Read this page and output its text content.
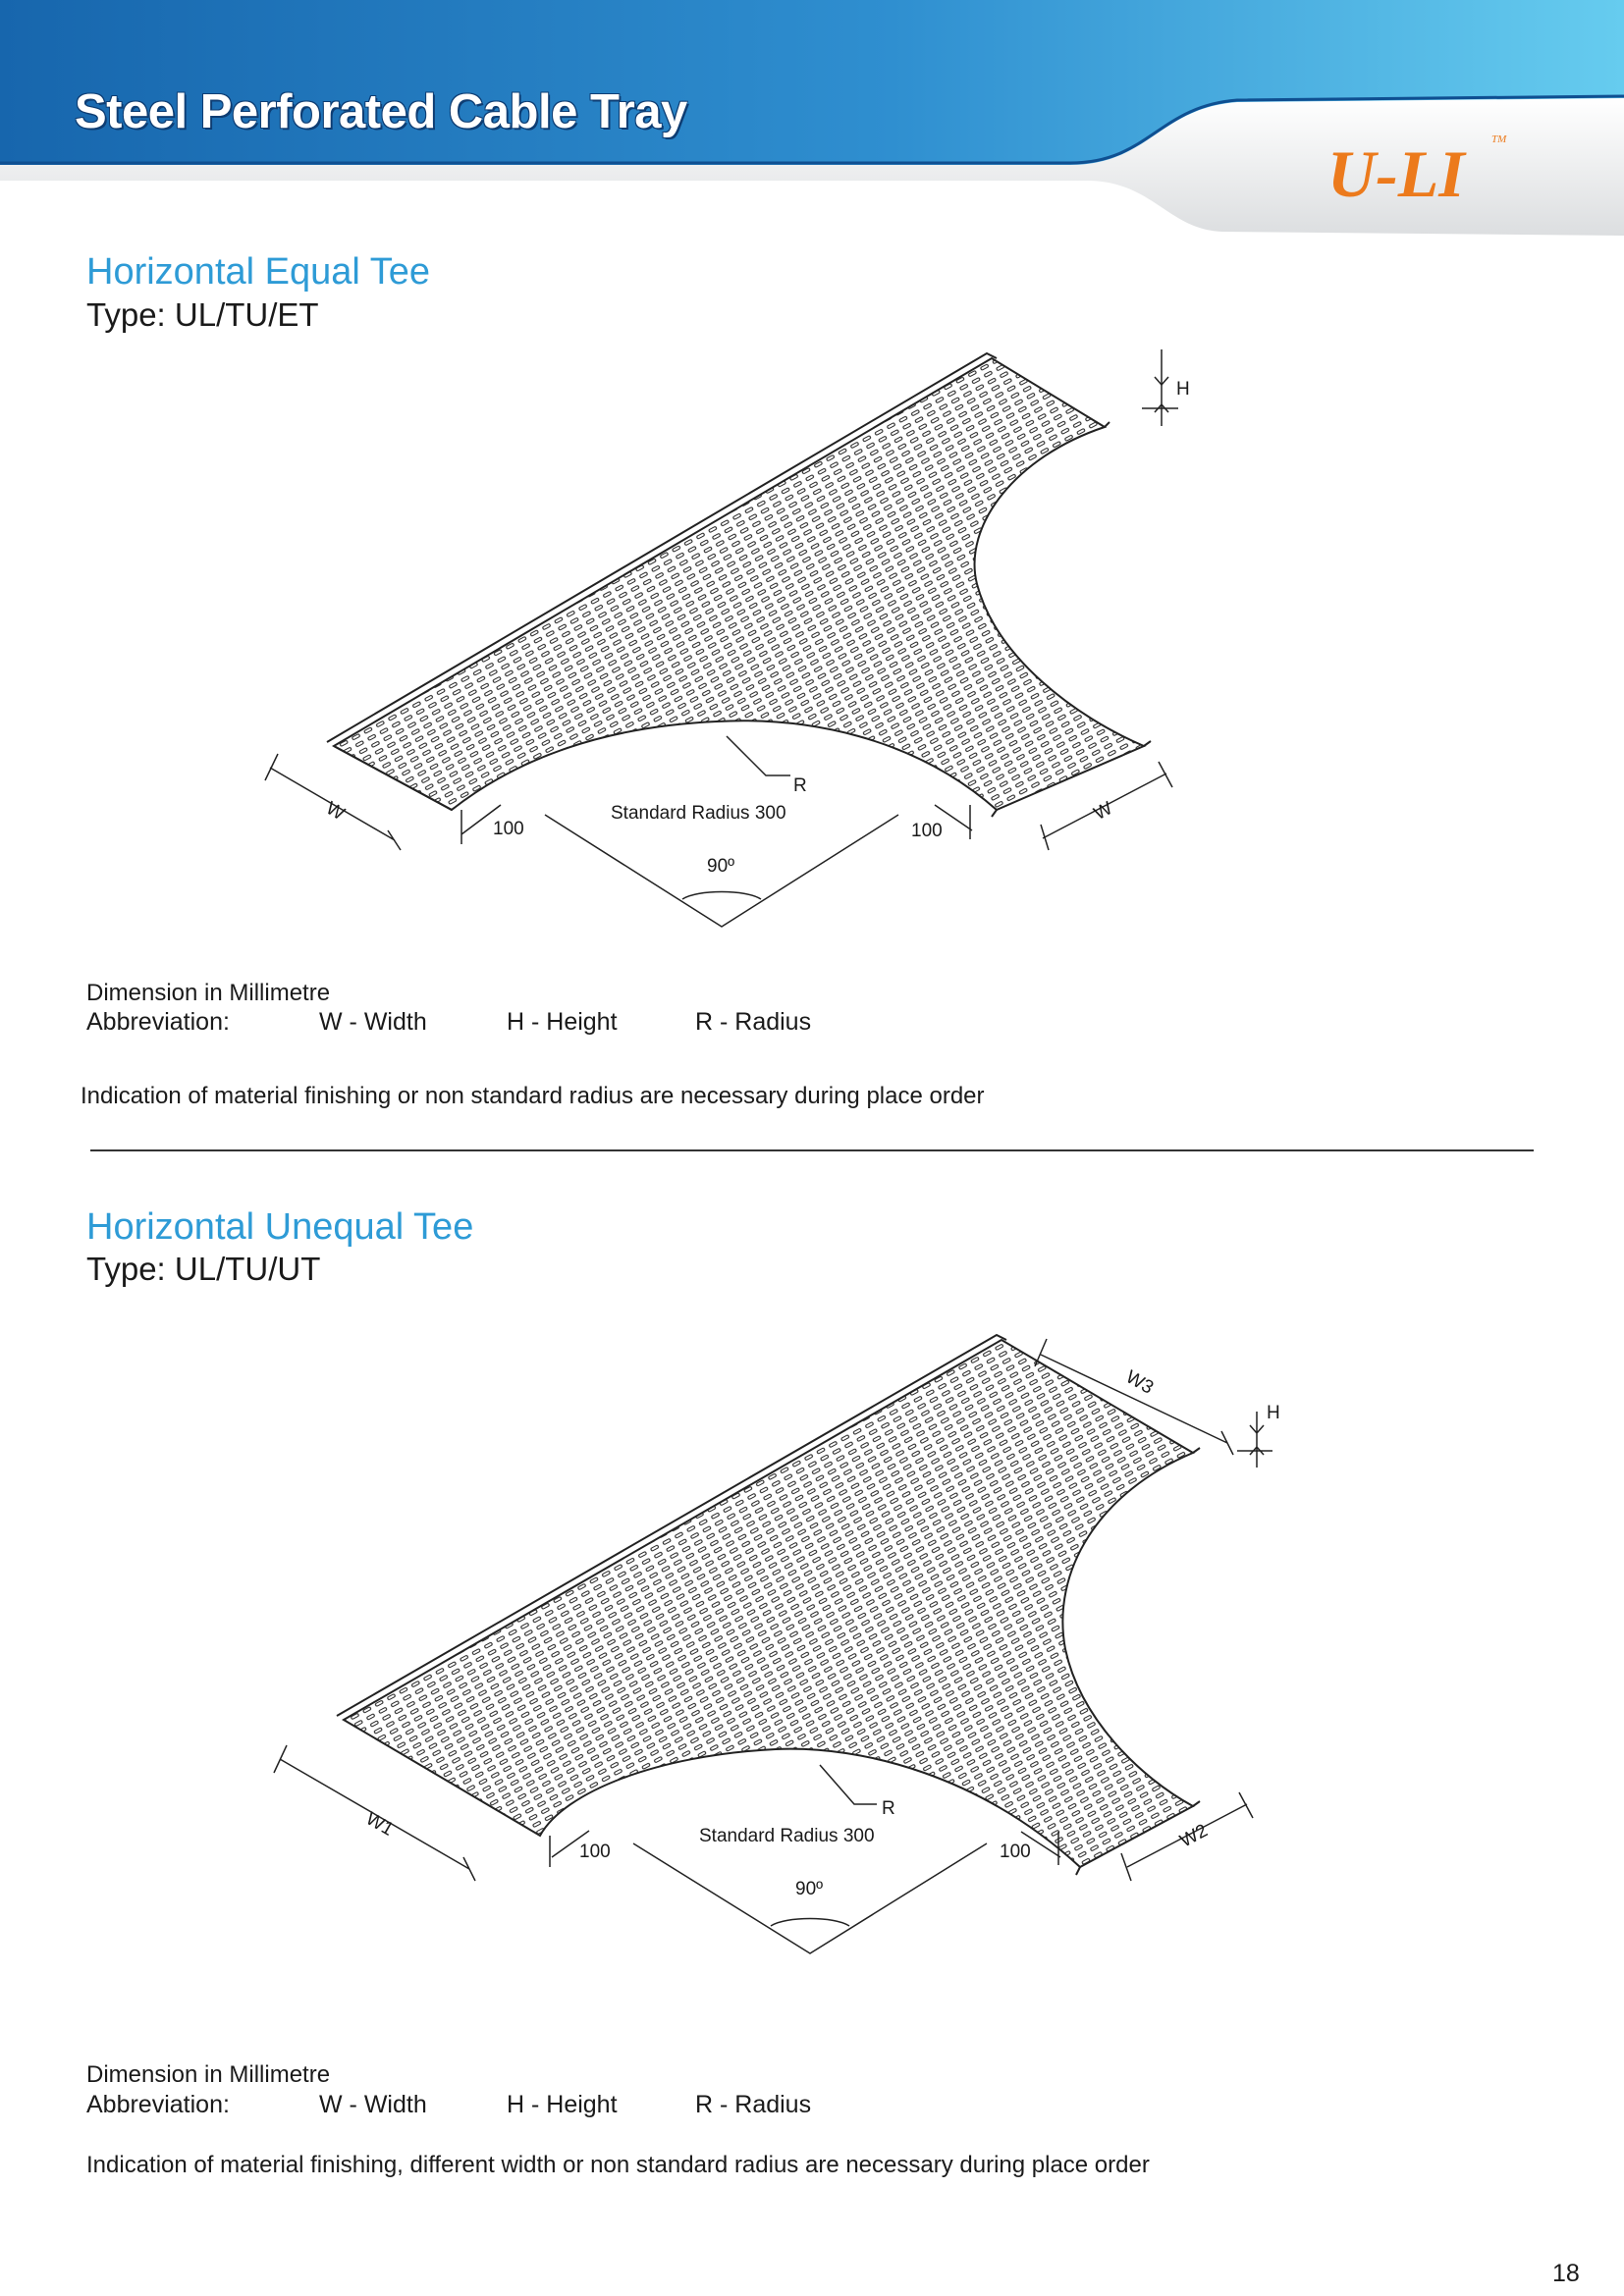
Steel Perforated Cable Tray
U-LI TM
Horizontal Equal Tee
Type: UL/TU/ET
H
W	W
R
Standard Radius 300
100	100
90º
Dimension in Millimetre
Abbreviation:	W - Width	H - Height	R - Radius
Indication of material finishing or non standard radius are necessary during place order
Horizontal Unequal Tee
Type: UL/TU/UT
W3
H
W1	W2
R
Standard Radius 300
100	100
90º
Dimension in Millimetre
Abbreviation:	W - Width	H - Height	R - Radius
Indication of material finishing, different width or non standard radius are necessary during place order
18
